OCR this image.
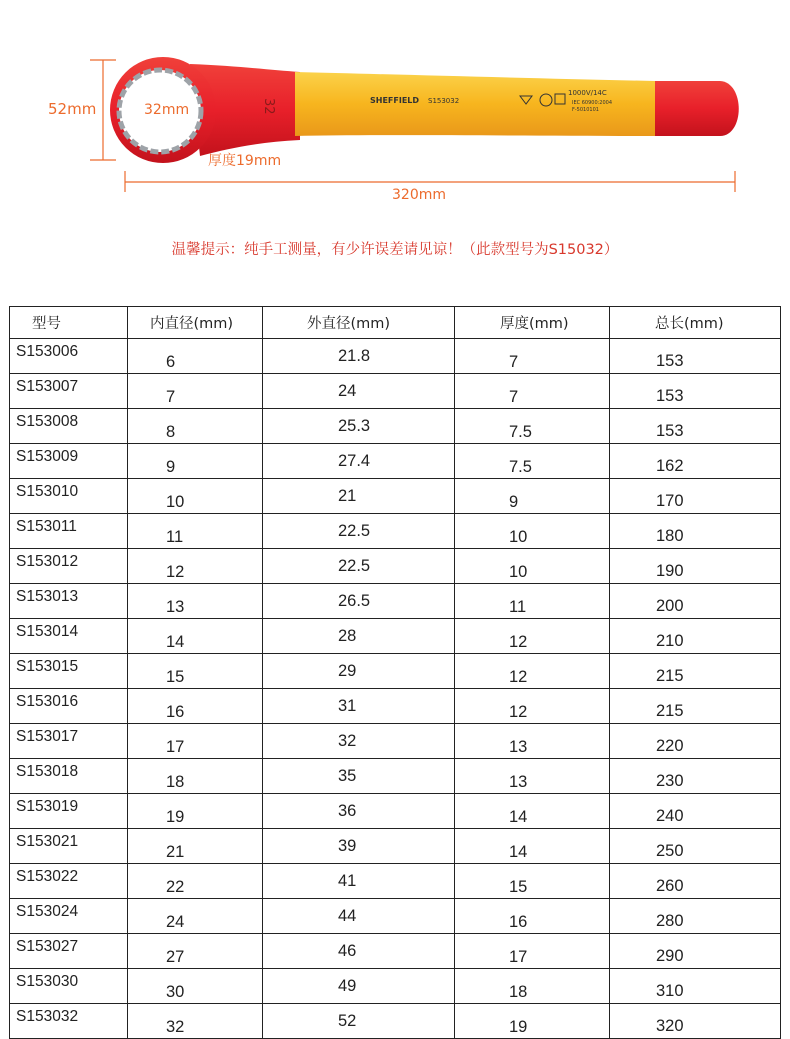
32	SHEFFIELD S153032
1000V/14C
IEC 60900:2004
F-5010101
52mm	32mm
厚度19mm
320mm
温馨提示：纯手工测量，有少许误差请见谅！（此款型号为S15032）
型号	内直径(mm)	外直径(mm)	厚度(mm)	总长(mm)
S153006	6	21.8	7	153
S153007	7	24	7	153
S153008	8	25.3	7.5	153
S153009	9	27.4	7.5	162
S153010	10	21	9	170
S153011	11	22.5	10	180
S153012	12	22.5	10	190
S153013	13	26.5	11	200
S153014	14	28	12	210
S153015	15	29	12	215
S153016	16	31	12	215
S153017	17	32	13	220
S153018	18	35	13	230
S153019	19	36	14	240
S153021	21	39	14	250
S153022	22	41	15	260
S153024	24	44	16	280
S153027	27	46	17	290
S153030	30	49	18	310
S153032	32	52	19	320
